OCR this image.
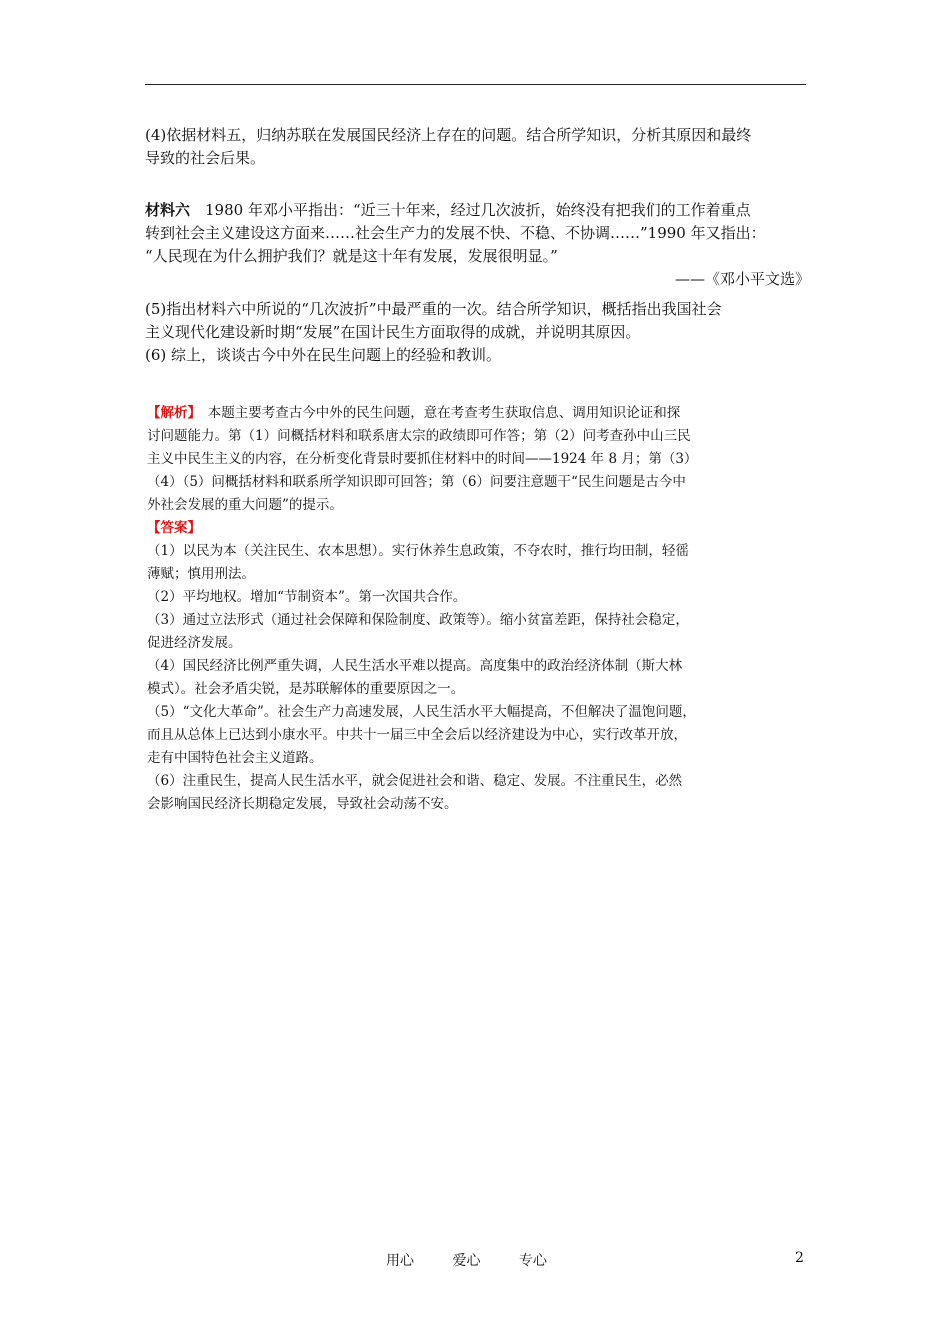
(4)依据材料五，归纳苏联在发展国民经济上存在的问题。结合所学知识，分析其原因和最终

导致的社会后果。

材料六　1980 年邓小平指出：“近三十年来，经过几次波折，始终没有把我们的工作着重点

转到社会主义建设这方面来……社会生产力的发展不快、不稳、不协调……”1990 年又指出：

“人民现在为什么拥护我们？就是这十年有发展，发展很明显。”

——《邓小平文选》

(5)指出材料六中所说的“几次波折”中最严重的一次。结合所学知识，概括指出我国社会

主义现代化建设新时期“发展”在国计民生方面取得的成就，并说明其原因。

(6) 综上，谈谈古今中外在民生问题上的经验和教训。

【解析】　本题主要考查古今中外的民生问题，意在考查考生获取信息、调用知识论证和探

讨问题能力。第（1）问概括材料和联系唐太宗的政绩即可作答；第（2）问考查孙中山三民

主义中民生主义的内容，在分析变化背景时要抓住材料中的时间——1924 年 8 月；第（3）

（4）（5）问概括材料和联系所学知识即可回答；第（6）问要注意题干“民生问题是古今中

外社会发展的重大问题”的提示。

【答案】

（1）以民为本（关注民生、农本思想）。实行休养生息政策，不夺农时，推行均田制，轻徭

薄赋；慎用刑法。

（2）平均地权。增加“节制资本”。第一次国共合作。

（3）通过立法形式（通过社会保障和保险制度、政策等）。缩小贫富差距，保持社会稳定，

促进经济发展。

（4）国民经济比例严重失调，人民生活水平难以提高。高度集中的政治经济体制（斯大林

模式）。社会矛盾尖锐，是苏联解体的重要原因之一。

（5）“文化大革命”。社会生产力高速发展，人民生活水平大幅提高，不但解决了温饱问题，

而且从总体上已达到小康水平。中共十一届三中全会后以经济建设为中心，实行改革开放，

走有中国特色社会主义道路。

（6）注重民生，提高人民生活水平，就会促进社会和谐、稳定、发展。不注重民生，必然

会影响国民经济长期稳定发展，导致社会动荡不安。

用心	爱心	专心	2
